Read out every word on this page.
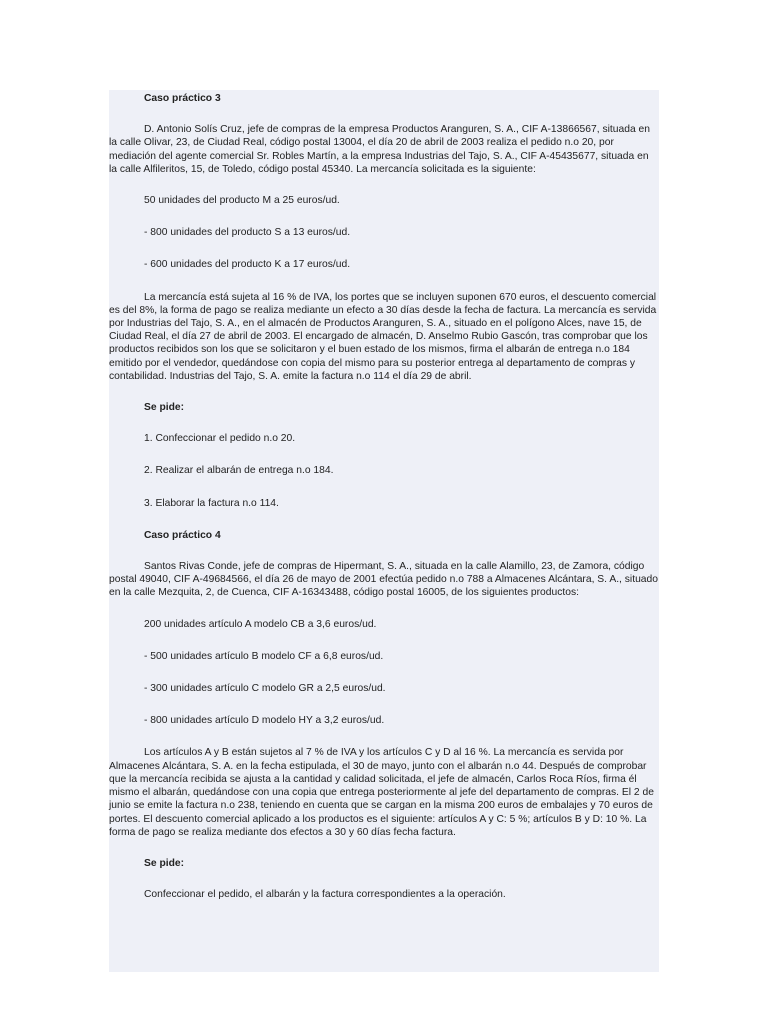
Caso práctico 3
D. Antonio Solís Cruz, jefe de compras de la empresa Productos Aranguren, S. A., CIF A-13866567, situada en la calle Olivar, 23, de Ciudad Real, código postal 13004, el día 20 de abril de 2003 realiza el pedido n.o 20, por mediación del agente comercial Sr. Robles Martín, a la empresa Industrias del Tajo, S. A., CIF A-45435677, situada en la calle Alfileritos, 15, de Toledo, código postal 45340. La mercancía solicitada es la siguiente:
50 unidades del producto M a 25 euros/ud.
- 800 unidades del producto S a 13 euros/ud.
- 600 unidades del producto K a 17 euros/ud.
La mercancía está sujeta al 16 % de IVA, los portes que se incluyen suponen 670 euros, el descuento comercial es del 8%, la forma de pago se realiza mediante un efecto a 30 días desde la fecha de factura. La mercancía es servida por Industrias del Tajo, S. A., en el almacén de Productos Aranguren, S. A., situado en el polígono Alces, nave 15, de Ciudad Real, el día 27 de abril de 2003. El encargado de almacén, D. Anselmo Rubio Gascón, tras comprobar que los productos recibidos son los que se solicitaron y el buen estado de los mismos, firma el albarán de entrega n.o 184 emitido por el vendedor, quedándose con copia del mismo para su posterior entrega al departamento de compras y contabilidad. Industrias del Tajo, S. A. emite la factura n.o 114 el día 29 de abril.
Se pide:
1. Confeccionar el pedido n.o 20.
2. Realizar el albarán de entrega n.o 184.
3. Elaborar la factura n.o 114.
Caso práctico 4
Santos Rivas Conde, jefe de compras de Hipermant, S. A., situada en la calle Alamillo, 23, de Zamora, código postal 49040, CIF A-49684566, el día 26 de mayo de 2001 efectúa pedido n.o 788 a Almacenes Alcántara, S. A., situado en la calle Mezquita, 2, de Cuenca, CIF A-16343488, código postal 16005, de los siguientes productos:
200 unidades artículo A modelo CB a 3,6 euros/ud.
- 500 unidades artículo B modelo CF a 6,8 euros/ud.
- 300 unidades artículo C modelo GR a 2,5 euros/ud.
- 800 unidades artículo D modelo HY a 3,2 euros/ud.
Los artículos A y B están sujetos al 7 % de IVA y los artículos C y D al 16 %. La mercancía es servida por Almacenes Alcántara, S. A. en la fecha estipulada, el 30 de mayo, junto con el albarán n.o 44. Después de comprobar que la mercancía recibida se ajusta a la cantidad y calidad solicitada, el jefe de almacén, Carlos Roca Ríos, firma él mismo el albarán, quedándose con una copia que entrega posteriormente al jefe del departamento de compras. El 2 de junio se emite la factura n.o 238, teniendo en cuenta que se cargan en la misma 200 euros de embalajes y 70 euros de portes. El descuento comercial aplicado a los productos es el siguiente: artículos A y C: 5 %; artículos B y D: 10 %. La forma de pago se realiza mediante dos efectos a 30 y 60 días fecha factura.
Se pide:
Confeccionar el pedido, el albarán y la factura correspondientes a la operación.
